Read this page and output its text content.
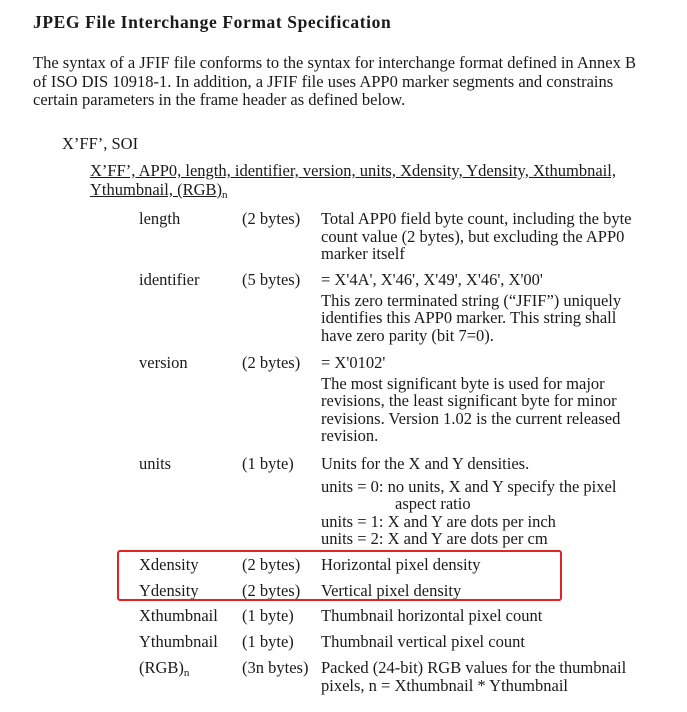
JPEG File Interchange Format Specification
The syntax of a JFIF file conforms to the syntax for interchange format defined in Annex B
of ISO DIS 10918-1. In addition, a JFIF file uses APP0 marker segments and constrains
certain parameters in the frame header as defined below.
X’FF’, SOI
X’FF’, APP0, length, identifier, version, units, Xdensity, Ydensity, Xthumbnail,
Ythumbnail, $(RGB)_n$
length	(2 bytes) Total APP0 field byte count, including the byte
count value (2 bytes), but excluding the APP0
marker itself
identifier	(5 bytes) = X'4A', X'46', X'49', X'46', X'00'
This zero terminated string (“JFIF”) uniquely
identifies this APP0 marker. This string shall
have zero parity (bit 7=0).
version	(2 bytes) = X'0102'
The most significant byte is used for major
revisions, the least significant byte for minor
revisions. Version 1.02 is the current released
revision.
units	(1 byte) Units for the X and Y densities.
units = 0: no units, X and Y specify the pixel
aspect ratio
units = 1: X and Y are dots per inch
units = 2: X and Y are dots per cm
Xdensity	(2 bytes) Horizontal pixel density
Ydensity	(2 bytes) Vertical pixel density
Xthumbnail (1 byte) Thumbnail horizontal pixel count
Ythumbnail (1 byte) Thumbnail vertical pixel count
$(RGB)_n$	(3n bytes) Packed (24-bit) RGB values for the thumbnail
pixels, n = Xthumbnail * Ythumbnail
